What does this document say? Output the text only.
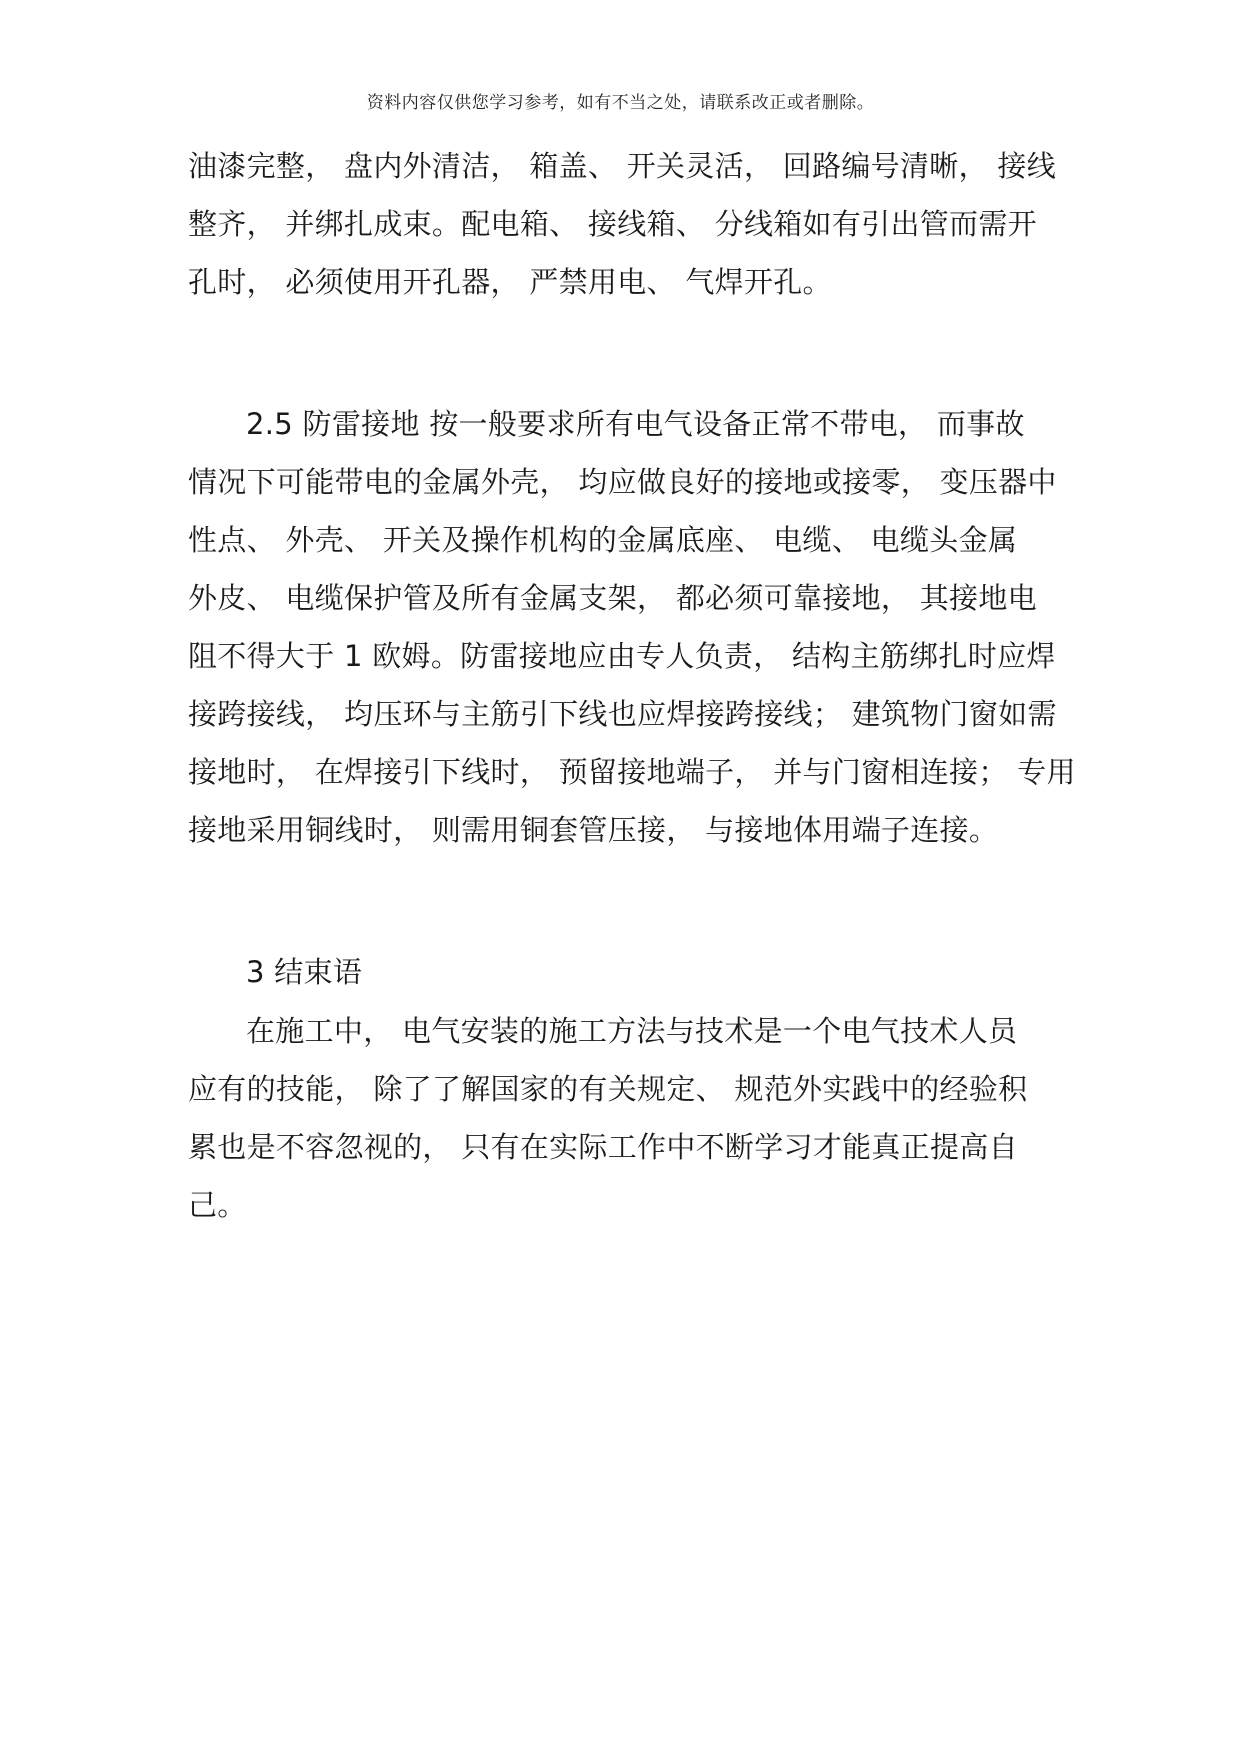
资料内容仅供您学习参考，如有不当之处，请联系改正或者删除。
油漆完整， 盘内外清洁， 箱盖、 开关灵活， 回路编号清晰， 接线
整齐， 并绑扎成束。配电箱、 接线箱、 分线箱如有引出管而需开
孔时， 必须使用开孔器， 严禁用电、 气焊开孔。
2.5 防雷接地 按一般要求所有电气设备正常不带电， 而事故
情况下可能带电的金属外壳， 均应做良好的接地或接零， 变压器中
性点、 外壳、 开关及操作机构的金属底座、 电缆、 电缆头金属
外皮、 电缆保护管及所有金属支架， 都必须可靠接地， 其接地电
阻不得大于 1 欧姆。防雷接地应由专人负责， 结构主筋绑扎时应焊
接跨接线， 均压环与主筋引下线也应焊接跨接线； 建筑物门窗如需
接地时， 在焊接引下线时， 预留接地端子， 并与门窗相连接； 专用
接地采用铜线时， 则需用铜套管压接， 与接地体用端子连接。
3 结束语
在施工中， 电气安装的施工方法与技术是一个电气技术人员
应有的技能， 除了了解国家的有关规定、 规范外实践中的经验积
累也是不容忽视的， 只有在实际工作中不断学习才能真正提高自
己。
